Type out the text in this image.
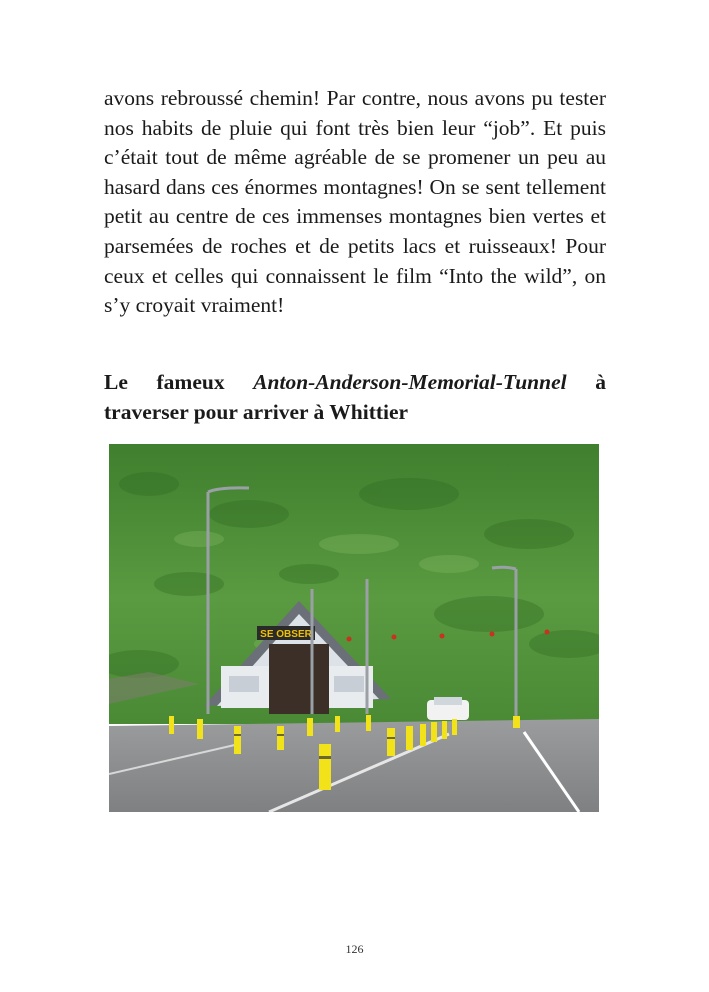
avons rebroussé chemin! Par contre, nous avons pu tester nos habits de pluie qui font très bien leur “job”. Et puis c’était tout de même agréable de se promener un peu au hasard dans ces énormes montagnes! On se sent tellement petit au centre de ces immenses montagnes bien vertes et parsemées de roches et de petits lacs et ruisseaux! Pour ceux et celles qui connaissent le film “Into the wild”, on s’y croyait vraiment!

Le fameux Anton-Anderson-Memorial-Tunnel à traverser pour arriver à Whittier

SE OBSER
126
